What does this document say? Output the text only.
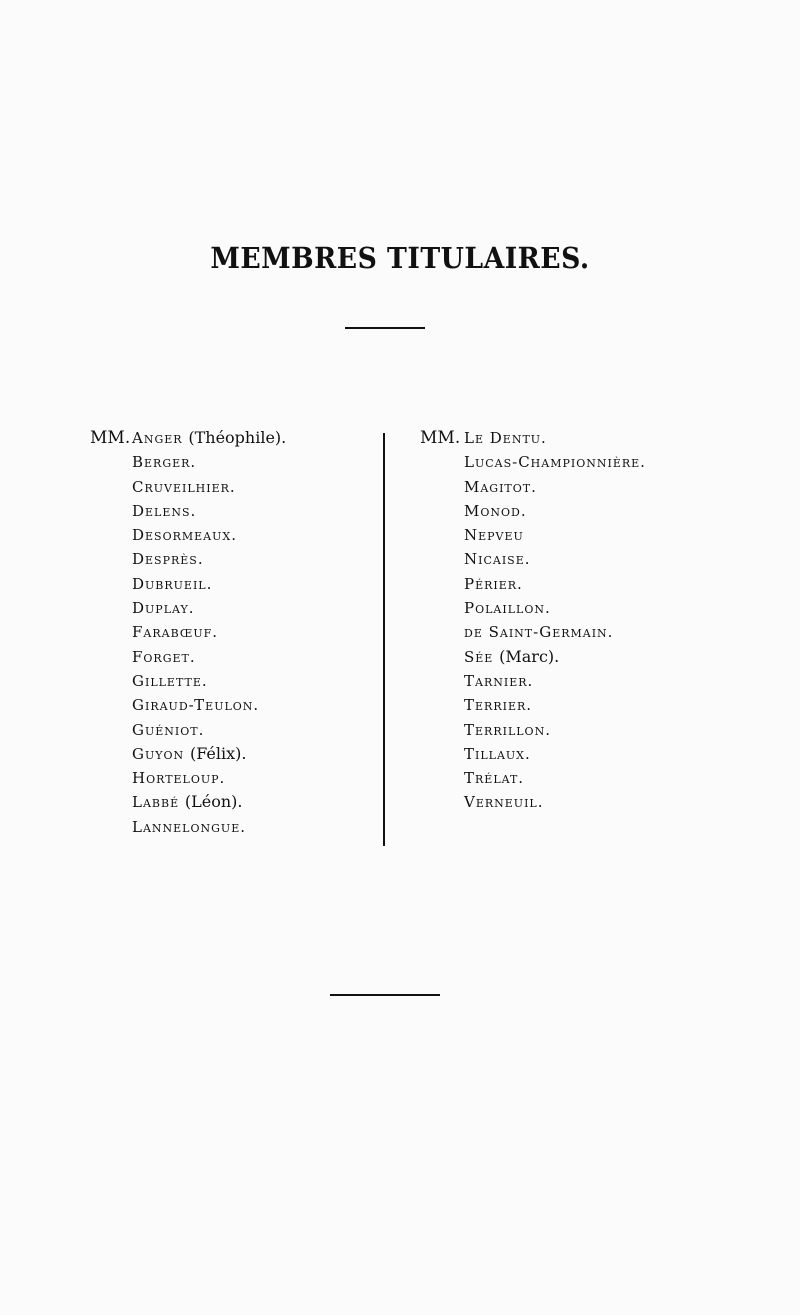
MEMBRES TITULAIRES.
MM. Anger (Théophile).
Berger.
Cruveilhier.
Delens.
Desormeaux.
Desprès.
Dubrueil.
Duplay.
Farabœuf.
Forget.
Gillette.
Giraud-Teulon.
Guéniot.
Guyon (Félix).
Horteloup.
Labbé (Léon).
Lannelongue.
MM. Le Dentu.
Lucas-Championnière.
Magitot.
Monod.
Nepveu
Nicaise.
Périer.
Polaillon.
de Saint-Germain.
Sée (Marc).
Tarnier.
Terrier.
Terrillon.
Tillaux.
Trélat.
Verneuil.
